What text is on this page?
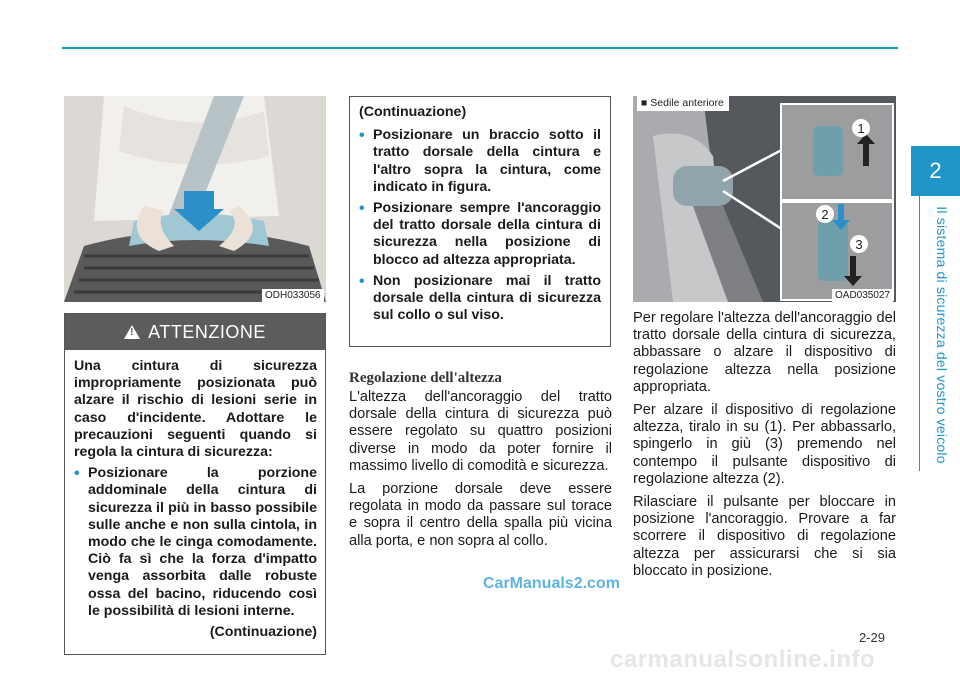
2
Il sistema di sicurezza del vostro veicolo
ODH033056
!
ATTENZIONE

Una cintura di sicurezza impropriamente posizionata può alzare il rischio di lesioni serie in caso d'incidente. Adottare le precauzioni seguenti quando si regola la cintura di sicurezza:

• Posizionare la porzione addominale della cintura di sicurezza il più in basso possibile sulle anche e non sulla cintola, in modo che le cinga comodamente. Ciò fa sì che la forza d'impatto venga assorbita dalle robuste ossa del bacino, riducendo così le possibilità di lesioni interne.
(Continuazione)

(Continuazione)

• Posizionare un braccio sotto il tratto dorsale della cintura e l'altro sopra la cintura, come indicato in figura.
• Posizionare sempre l'ancoraggio del tratto dorsale della cintura di sicurezza nella posizione di blocco ad altezza appropriata.
• Non posizionare mai il tratto dorsale della cintura di sicurezza sul collo o sul viso.
Regolazione dell'altezza

L'altezza dell'ancoraggio del tratto dorsale della cintura di sicurezza può essere regolato su quattro posizioni diverse in modo da poter fornire il massimo livello di comodità e sicurezza.

La porzione dorsale deve essere regolata in modo da passare sul torace e sopra il centro della spalla più vicina alla porta, e non sopra al collo.

1
2
3
■ Sedile anteriore
OAD035027

Per regolare l'altezza dell'ancoraggio del tratto dorsale della cintura di sicurezza, abbassare o alzare il dispositivo di regolazione altezza nella posizione appropriata.

Per alzare il dispositivo di regolazione altezza, tiralo in su (1). Per abbassarlo, spingerlo in giù (3) premendo nel contempo il pulsante dispositivo di regolazione altezza (2).

Rilasciare il pulsante per bloccare in posizione l'ancoraggio. Provare a far scorrere il dispositivo di regolazione altezza per assicurarsi che si sia bloccato in posizione.

2-29
CarManuals2.com
carmanualsonline.info
